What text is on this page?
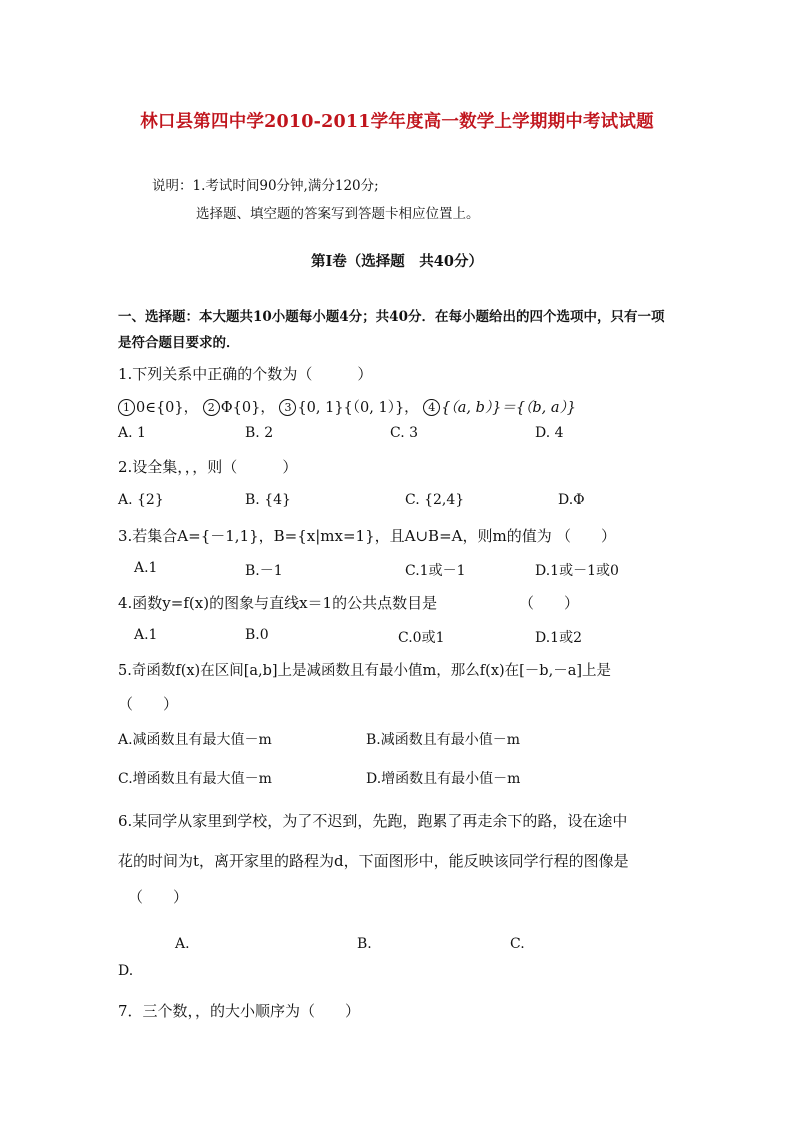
林口县第四中学2010-2011学年度高一数学上学期期中考试试题
说明：1.考试时间90分钟,满分120分;
选择题、填空题的答案写到答题卡相应位置上。
第Ⅰ卷（选择题　共40分）
一、选择题：本大题共10小题每小题4分；共40分．在每小题给出的四个选项中，只有一项
是符合题目要求的．
1.下列关系中正确的个数为（　　　）
1 0∈{0}， 2 Φ{0}， 3 {0, 1}{（0, 1）}， 4 {（a, b）}＝{（b, a）}
A. 1	B. 2	C. 3	D. 4
2.设全集，，，则（　　　）
A. {2}	B. {4}	C. {2,4}	D.Φ
3.若集合A={－1,1}，B={x|mx=1}，且A∪B=A，则m的值为 （　　）
A.1	B.－1	C.1或－1	D.1或－1或0
4.函数y=f(x)的图象与直线x＝1的公共点数目是	（　　）
A.1	B.0	C.0或1	D.1或2
5.奇函数f(x)在区间[a,b]上是减函数且有最小值m，那么f(x)在[－b,－a]上是
（　　）
A.减函数且有最大值－m	B.减函数且有最小值－m
C.增函数且有最大值－m	D.增函数且有最小值－m
6.某同学从家里到学校，为了不迟到，先跑，跑累了再走余下的路，设在途中
花的时间为t，离开家里的路程为d，下面图形中，能反映该同学行程的图像是
（　　）
A.	B.	C.
D.
7．三个数，，的大小顺序为（　　）
